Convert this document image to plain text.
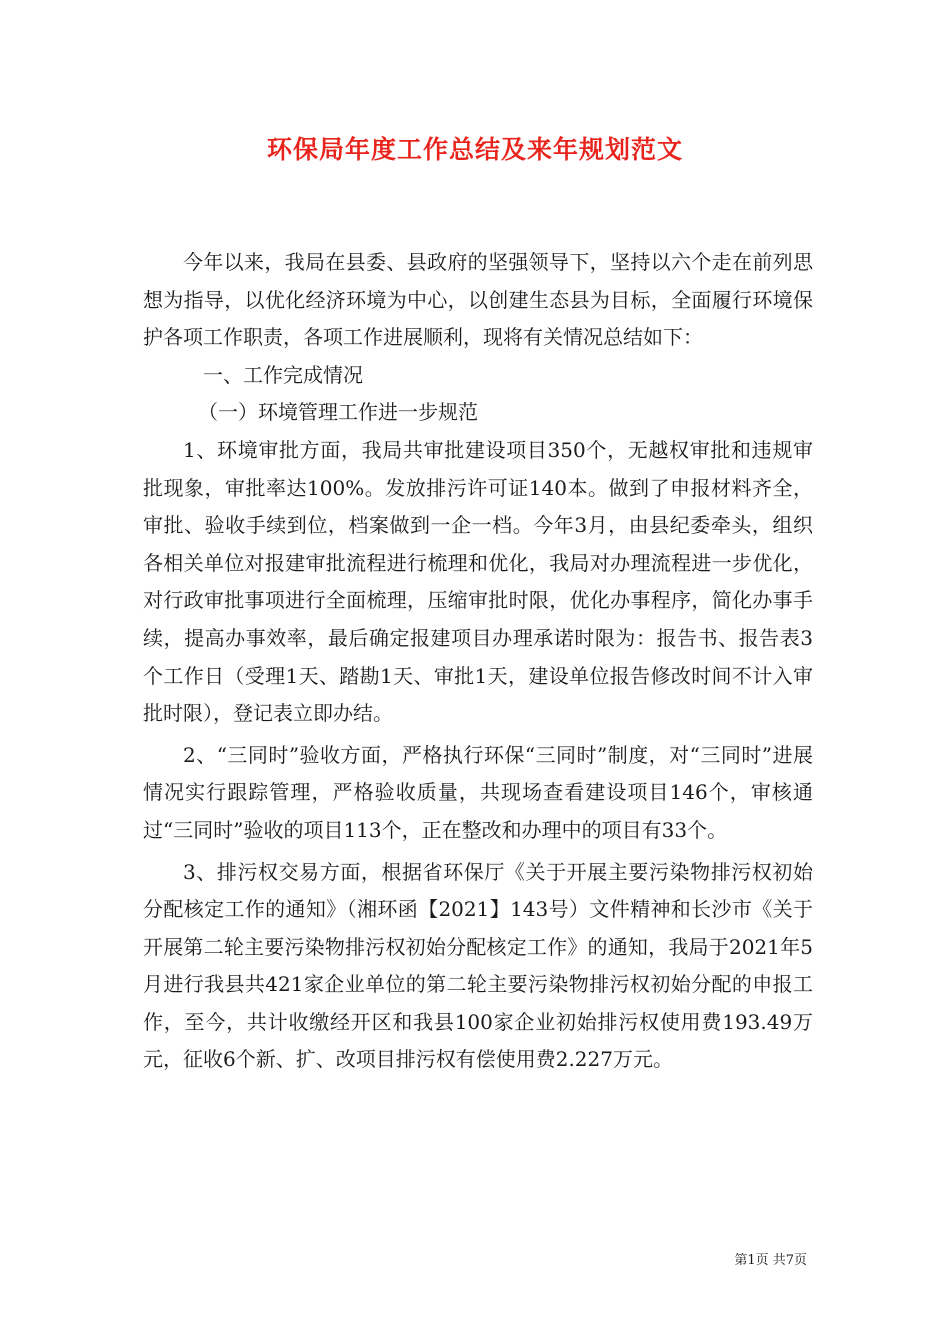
环保局年度工作总结及来年规划范文

今年以来，我局在县委、县政府的坚强领导下，坚持以六个走在前列思想为指导，以优化经济环境为中心，以创建生态县为目标，全面履行环境保护各项工作职责，各项工作进展顺利，现将有关情况总结如下：

一、工作完成情况

（一）环境管理工作进一步规范

1、环境审批方面，我局共审批建设项目350个，无越权审批和违规审批现象，审批率达100%。发放排污许可证140本。做到了申报材料齐全，审批、验收手续到位，档案做到一企一档。今年3月，由县纪委牵头，组织各相关单位对报建审批流程进行梳理和优化，我局对办理流程进一步优化，对行政审批事项进行全面梳理，压缩审批时限，优化办事程序，简化办事手续，提高办事效率，最后确定报建项目办理承诺时限为：报告书、报告表3个工作日（受理1天、踏勘1天、审批1天，建设单位报告修改时间不计入审批时限），登记表立即办结。

2、“三同时”验收方面，严格执行环保“三同时”制度，对“三同时”进展情况实行跟踪管理，严格验收质量，共现场查看建设项目146个，审核通过“三同时”验收的项目113个，正在整改和办理中的项目有33个。

3、排污权交易方面，根据省环保厅《关于开展主要污染物排污权初始分配核定工作的通知》（湘环函【2021】143号）文件精神和长沙市《关于开展第二轮主要污染物排污权初始分配核定工作》的通知，我局于2021年5月进行我县共421家企业单位的第二轮主要污染物排污权初始分配的申报工作，至今，共计收缴经开区和我县100家企业初始排污权使用费193.49万元，征收6个新、扩、改项目排污权有偿使用费2.227万元。

第1页 共7页
